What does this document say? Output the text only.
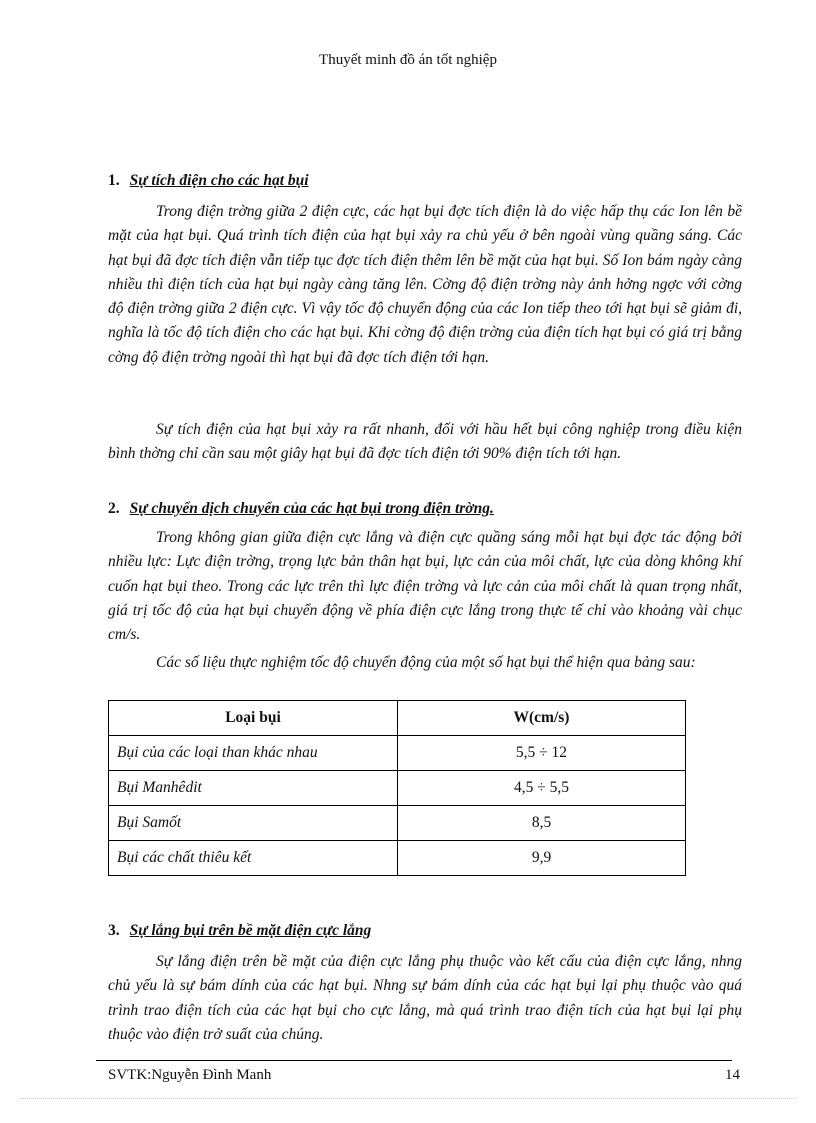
Thuyết minh đồ án tốt nghiệp
1. Sự tích điện cho các hạt bụi

Trong điện trờng giữa 2 điện cực, các hạt bụi đợc tích điện là do việc hấp thụ các Ion lên bề mặt của hạt bụi. Quá trình tích điện của hạt bụi xảy ra chủ yếu ở bên ngoài vùng quầng sáng. Các hạt bụi đã đợc tích điện vẫn tiếp tục đợc tích điện thêm lên bề mặt của hạt bụi. Số Ion bám ngày càng nhiều thì điện tích của hạt bụi ngày càng tăng lên. Cờng độ điện trờng này ảnh hởng ngợc với cờng độ điện trờng giữa 2 điện cực. Vì vậy tốc độ chuyển động của các Ion tiếp theo tới hạt bụi sẽ giảm đi, nghĩa là tốc độ tích điện cho các hạt bụi. Khi cờng độ điện trờng của điện tích hạt bụi có giá trị bằng cờng độ điện trờng ngoài thì hạt bụi đã đợc tích điện tới hạn.

Sự tích điện của hạt bụi xảy ra rất nhanh, đối với hầu hết bụi công nghiệp trong điều kiện bình thờng chỉ cần sau một giây hạt bụi đã đợc tích điện tới 90% điện tích tới hạn.

2. Sự chuyển dịch chuyển của các hạt bụi trong điện trờng.

Trong không gian giữa điện cực lắng và điện cực quầng sáng mỗi hạt bụi đợc tác động bởi nhiều lực: Lực điện trờng, trọng lực bản thân hạt bụi, lực cản của môi chất, lực của dòng không khí cuốn hạt bụi theo. Trong các lực trên thì lực điện trờng và lực cản của môi chất là quan trọng nhất, giá trị tốc độ của hạt bụi chuyển động về phía điện cực lắng trong thực tế chỉ vào khoảng vài chục cm/s.

Các số liệu thực nghiệm tốc độ chuyển động của một số hạt bụi thể hiện qua bảng sau:

Loại bụi	W(cm/s)
Bụi của các loại than khác nhau	5,5 ÷ 12
Bụi Manhêdit	4,5 ÷ 5,5
Bụi Samốt	8,5
Bụi các chất thiêu kết	9,9
3. Sự lắng bụi trên bề mặt điện cực lắng

Sự lắng điện trên bề mặt của điện cực lắng phụ thuộc vào kết cấu của điện cực lắng, nhng chủ yếu là sự bám dính của các hạt bụi. Nhng sự bám dính của các hạt bụi lại phụ thuộc vào quá trình trao điện tích của các hạt bụi cho cực lắng, mà quá trình trao điện tích của hạt bụi lại phụ thuộc vào điện trở suất của chúng.

SVTK:Nguyễn Đình Manh	14
